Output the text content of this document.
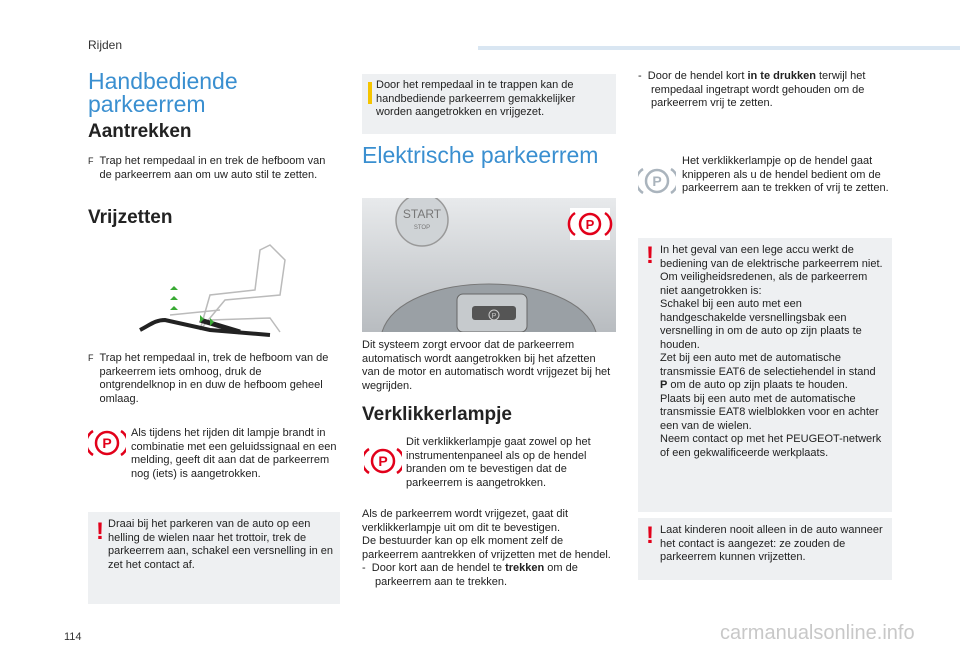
Rijden
Handbediende parkeerrem
Aantrekken
F Trap het rempedaal in en trek de hefboom van de parkeerrem aan om uw auto stil te zetten.
Vrijzetten
F Trap het rempedaal in, trek de hefboom van de parkeerrem iets omhoog, druk de ontgrendelknop in en duw de hefboom geheel omlaag.
P
Als tijdens het rijden dit lampje brandt in combinatie met een geluidssignaal en een melding, geeft dit aan dat de parkeerrem nog (iets) is aangetrokken.
! Draai bij het parkeren van de auto op een helling de wielen naar het trottoir, trek de parkeerrem aan, schakel een versnelling in en zet het contact af.
Door het rempedaal in te trappen kan de handbediende parkeerrem gemakkelijker worden aangetrokken en vrijgezet.
Elektrische parkeerrem
START
STOP
P
P
Dit systeem zorgt ervoor dat de parkeerrem automatisch wordt aangetrokken bij het afzetten van de motor en automatisch wordt vrijgezet bij het wegrijden.
Verklikkerlampje
P
Dit verklikkerlampje gaat zowel op het instrumentenpaneel als op de hendel branden om te bevestigen dat de parkeerrem is aangetrokken.

Als de parkeerrem wordt vrijgezet, gaat dit verklikkerlampje uit om dit te bevestigen.

De bestuurder kan op elk moment zelf de parkeerrem aantrekken of vrijzetten met de hendel.

-  Door kort aan de hendel te trekken om de parkeerrem aan te trekken.

-  Door de hendel kort in te drukken terwijl het rempedaal ingetrapt wordt gehouden om de parkeerrem vrij te zetten.
P
Het verklikkerlampje op de hendel gaat knipperen als u de hendel bedient om de parkeerrem aan te trekken of vrij te zetten.
! In het geval van een lege accu werkt de bediening van de elektrische parkeerrem niet.

Om veiligheidsredenen, als de parkeerrem niet aangetrokken is:

Schakel bij een auto met een handgeschakelde versnellingsbak een versnelling in om de auto op zijn plaats te houden.

Zet bij een auto met de automatische transmissie EAT6 de selectiehendel in stand P om de auto op zijn plaats te houden.

Plaats bij een auto met de automatische transmissie EAT8 wielblokken voor en achter een van de wielen.

Neem contact op met het PEUGEOT-netwerk of een gekwalificeerde werkplaats.

! Laat kinderen nooit alleen in de auto wanneer het contact is aangezet: ze zouden de parkeerrem kunnen vrijzetten.
114	carmanualsonline.info
